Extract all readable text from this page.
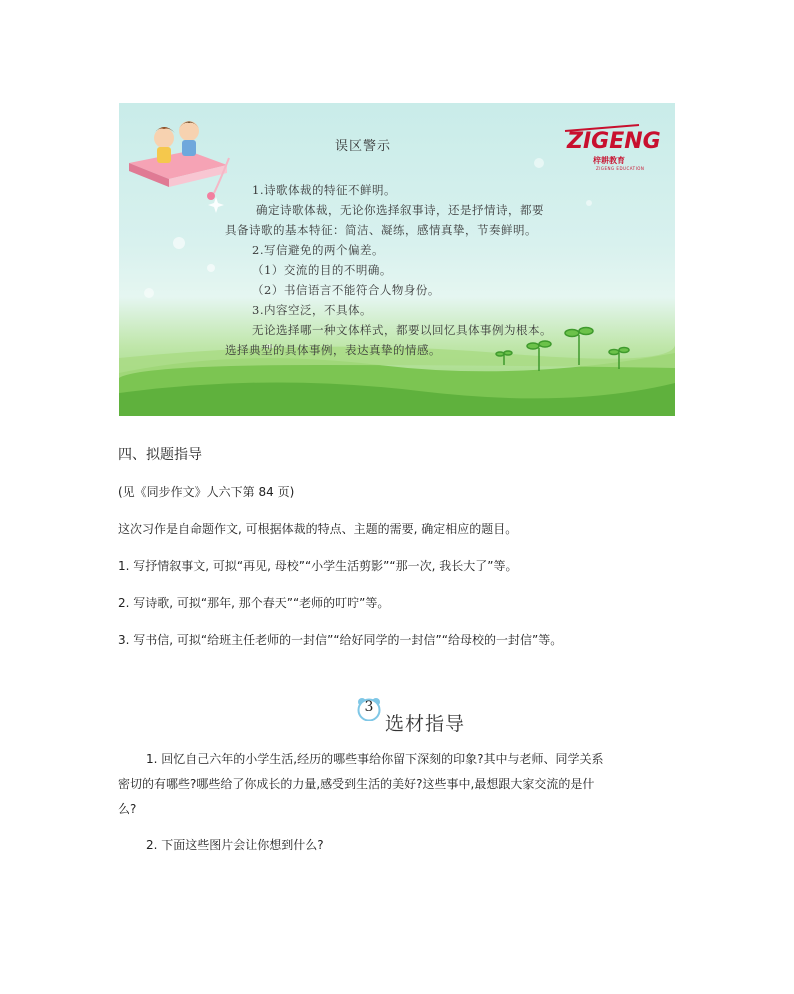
ZIGENG
误区警示
梓耕教育
ZIGENG EDUCATION
1.诗歌体裁的特征不鲜明。
确定诗歌体裁，无论你选择叙事诗，还是抒情诗，都要
具备诗歌的基本特征：简洁、凝练，感情真挚，节奏鲜明。
2.写信避免的两个偏差。
（1）交流的目的不明确。
（2）书信语言不能符合人物身份。
3.内容空泛，不具体。
无论选择哪一种文体样式，都要以回忆具体事例为根本。
选择典型的具体事例，表达真挚的情感。
四、拟题指导
(见《同步作文》人六下第 84 页)
这次习作是自命题作文, 可根据体裁的特点、主题的需要, 确定相应的题目。
1. 写抒情叙事文, 可拟“再见, 母校”“小学生活剪影”“那一次, 我长大了”等。
2. 写诗歌, 可拟“那年, 那个春天”“老师的叮咛”等。
3. 写书信, 可拟“给班主任老师的一封信”“给好同学的一封信”“给母校的一封信”等。
3
选材指导
1. 回忆自己六年的小学生活,经历的哪些事给你留下深刻的印象?其中与老师、同学关系
密切的有哪些?哪些给了你成长的力量,感受到生活的美好?这些事中,最想跟大家交流的是什
么?
2. 下面这些图片会让你想到什么?
